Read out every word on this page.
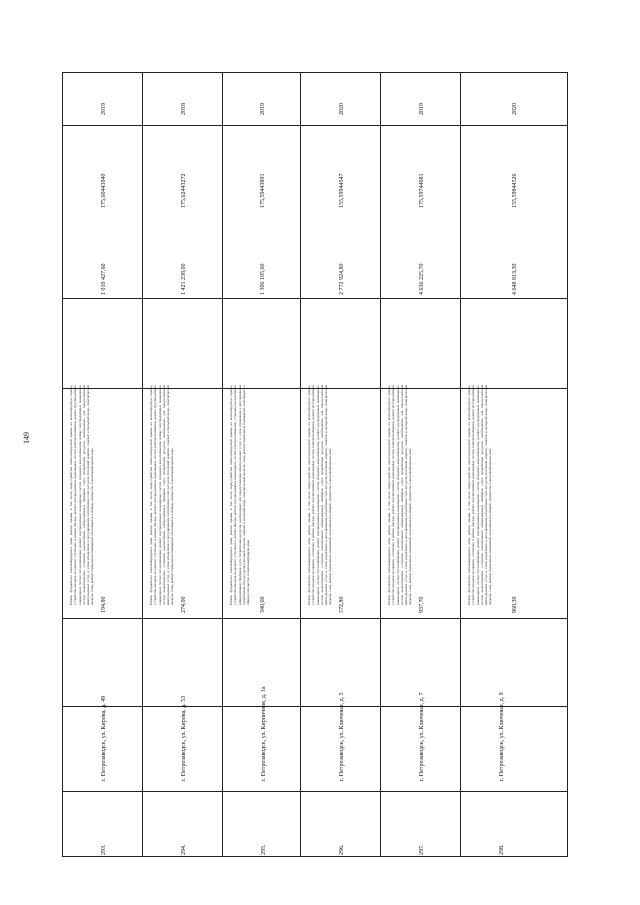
149
293.
г. Петрозаводск, ул. Кирова, д. 49
194,80
Ремонт фундамента многоквартирного дома, ремонт крыши, в том числе переустройство невентилируемой крыши на вентилируемую крышу, устройство выходов на кровлю, утепление и ремонт фасада, ремонт внутридомовых инженерных систем электроснабжения, ремонт внутридомовых инженерных систем теплоснабжения, ремонт внутридомовых инженерных систем холодного водоснабжения, ремонт внутридомовых инженерных систем водоотведения, установка коллективных (общедомовых) приборов учета потребления ресурсов, необходимых для предоставления коммунальных услуг, и узлов управления и регулирования потребления этих ресурсов (тепловой энергии, горячей и холодной воды, электрической энергии, газа), ремонт подвальных помещений, относящихся к общему имуществу в многоквартирном доме
1 010 427,60
175,60443940
2019
294.
г. Петрозаводск, ул. Кирова, д. 53
274,00
Ремонт фундамента многоквартирного дома, ремонт крыши, в том числе переустройство невентилируемой крыши на вентилируемую крышу, устройство выходов на кровлю, утепление и ремонт фасада, ремонт внутридомовых инженерных систем электроснабжения, ремонт внутридомовых инженерных систем теплоснабжения, ремонт внутридомовых инженерных систем холодного водоснабжения, ремонт внутридомовых инженерных систем водоотведения, установка коллективных (общедомовых) приборов учета потребления ресурсов, необходимых для предоставления коммунальных услуг, и узлов управления и регулирования потребления этих ресурсов (тепловой энергии, горячей и холодной воды, электрической энергии, газа), ремонт подвальных помещений, относящихся к общему имуществу в многоквартирном доме
1 421 238,00
175,62443272
2018
295.
г. Петрозаводск, ул. Кирпичная, д. 1а
340,60
Ремонт фундамента многоквартирного дома, ремонт крыши, в том числе переустройство невентилируемой крыши на вентилируемую крышу, устройство выходов на кровлю, утепление и ремонт фасада, ремонт внутридомовых инженерных систем электроснабжения, установка коллективных (общедомовых) приборов учета потребления ресурсов, необходимых для предоставления коммунальных услуг, и узлов управления и регулирования потребления этих ресурсов (тепловой энергии, горячей и холодной воды, электрической энергии, газа), ремонт подвальных помещений, относящихся к общему имуществу в многоквартирном доме
1 306 105,60
175,59443891
2019
296.
г. Петрозаводск, ул. Ключевая, д. 5
572,80
Ремонт фундамента многоквартирного дома, ремонт крыши, в том числе переустройство невентилируемой крыши на вентилируемую крышу, устройство выходов на кровлю, утепление и ремонт фасада, ремонт внутридомовых инженерных систем электроснабжения, ремонт внутридомовых инженерных систем теплоснабжения, ремонт внутридомовых инженерных систем холодного водоснабжения, ремонт внутридомовых инженерных систем водоотведения, установка коллективных (общедомовых) приборов учета потребления ресурсов, необходимых для предоставления коммунальных услуг, и узлов управления и регулирования потребления этих ресурсов (тепловой энергии, горячей и холодной воды, электрической энергии, газа), ремонт подвальных помещений, относящихся к общему имуществу в многоквартирном доме
2 772 924,80
155,59944547
2020
297.
г. Петрозаводск, ул. Ключевая, д. 7
937,70
Ремонт фундамента многоквартирного дома, ремонт крыши, в том числе переустройство невентилируемой крыши на вентилируемую крышу, устройство выходов на кровлю, утепление и ремонт фасада, ремонт внутридомовых инженерных систем электроснабжения, ремонт внутридомовых инженерных систем теплоснабжения, ремонт внутридомовых инженерных систем холодного водоснабжения, ремонт внутридомовых инженерных систем водоотведения, установка коллективных (общедомовых) приборов учета потребления ресурсов, необходимых для предоставления коммунальных услуг, и узлов управления и регулирования потребления этих ресурсов (тепловой энергии, горячей и холодной воды, электрической энергии, газа), ремонт подвальных помещений, относящихся к общему имуществу в многоквартирном доме
4 636 225,70
175,59744681
2019
298.
г. Петрозаводск, ул. Ключевая, д. 9
960,30
Ремонт фундамента многоквартирного дома, ремонт крыши, в том числе переустройство невентилируемой крыши на вентилируемую крышу, устройство выходов на кровлю, утепление и ремонт фасада, ремонт внутридомовых инженерных систем электроснабжения, ремонт внутридомовых инженерных систем теплоснабжения, ремонт внутридомовых инженерных систем холодного водоснабжения, ремонт внутридомовых инженерных систем водоотведения, установка коллективных (общедомовых) приборов учета потребления ресурсов, необходимых для предоставления коммунальных услуг, и узлов управления и регулирования потребления этих ресурсов (тепловой энергии, горячей и холодной воды, электрической энергии, газа), ремонт подвальных помещений, относящихся к общему имуществу в многоквартирном доме
4 648 813,30
155,59844526
2020
